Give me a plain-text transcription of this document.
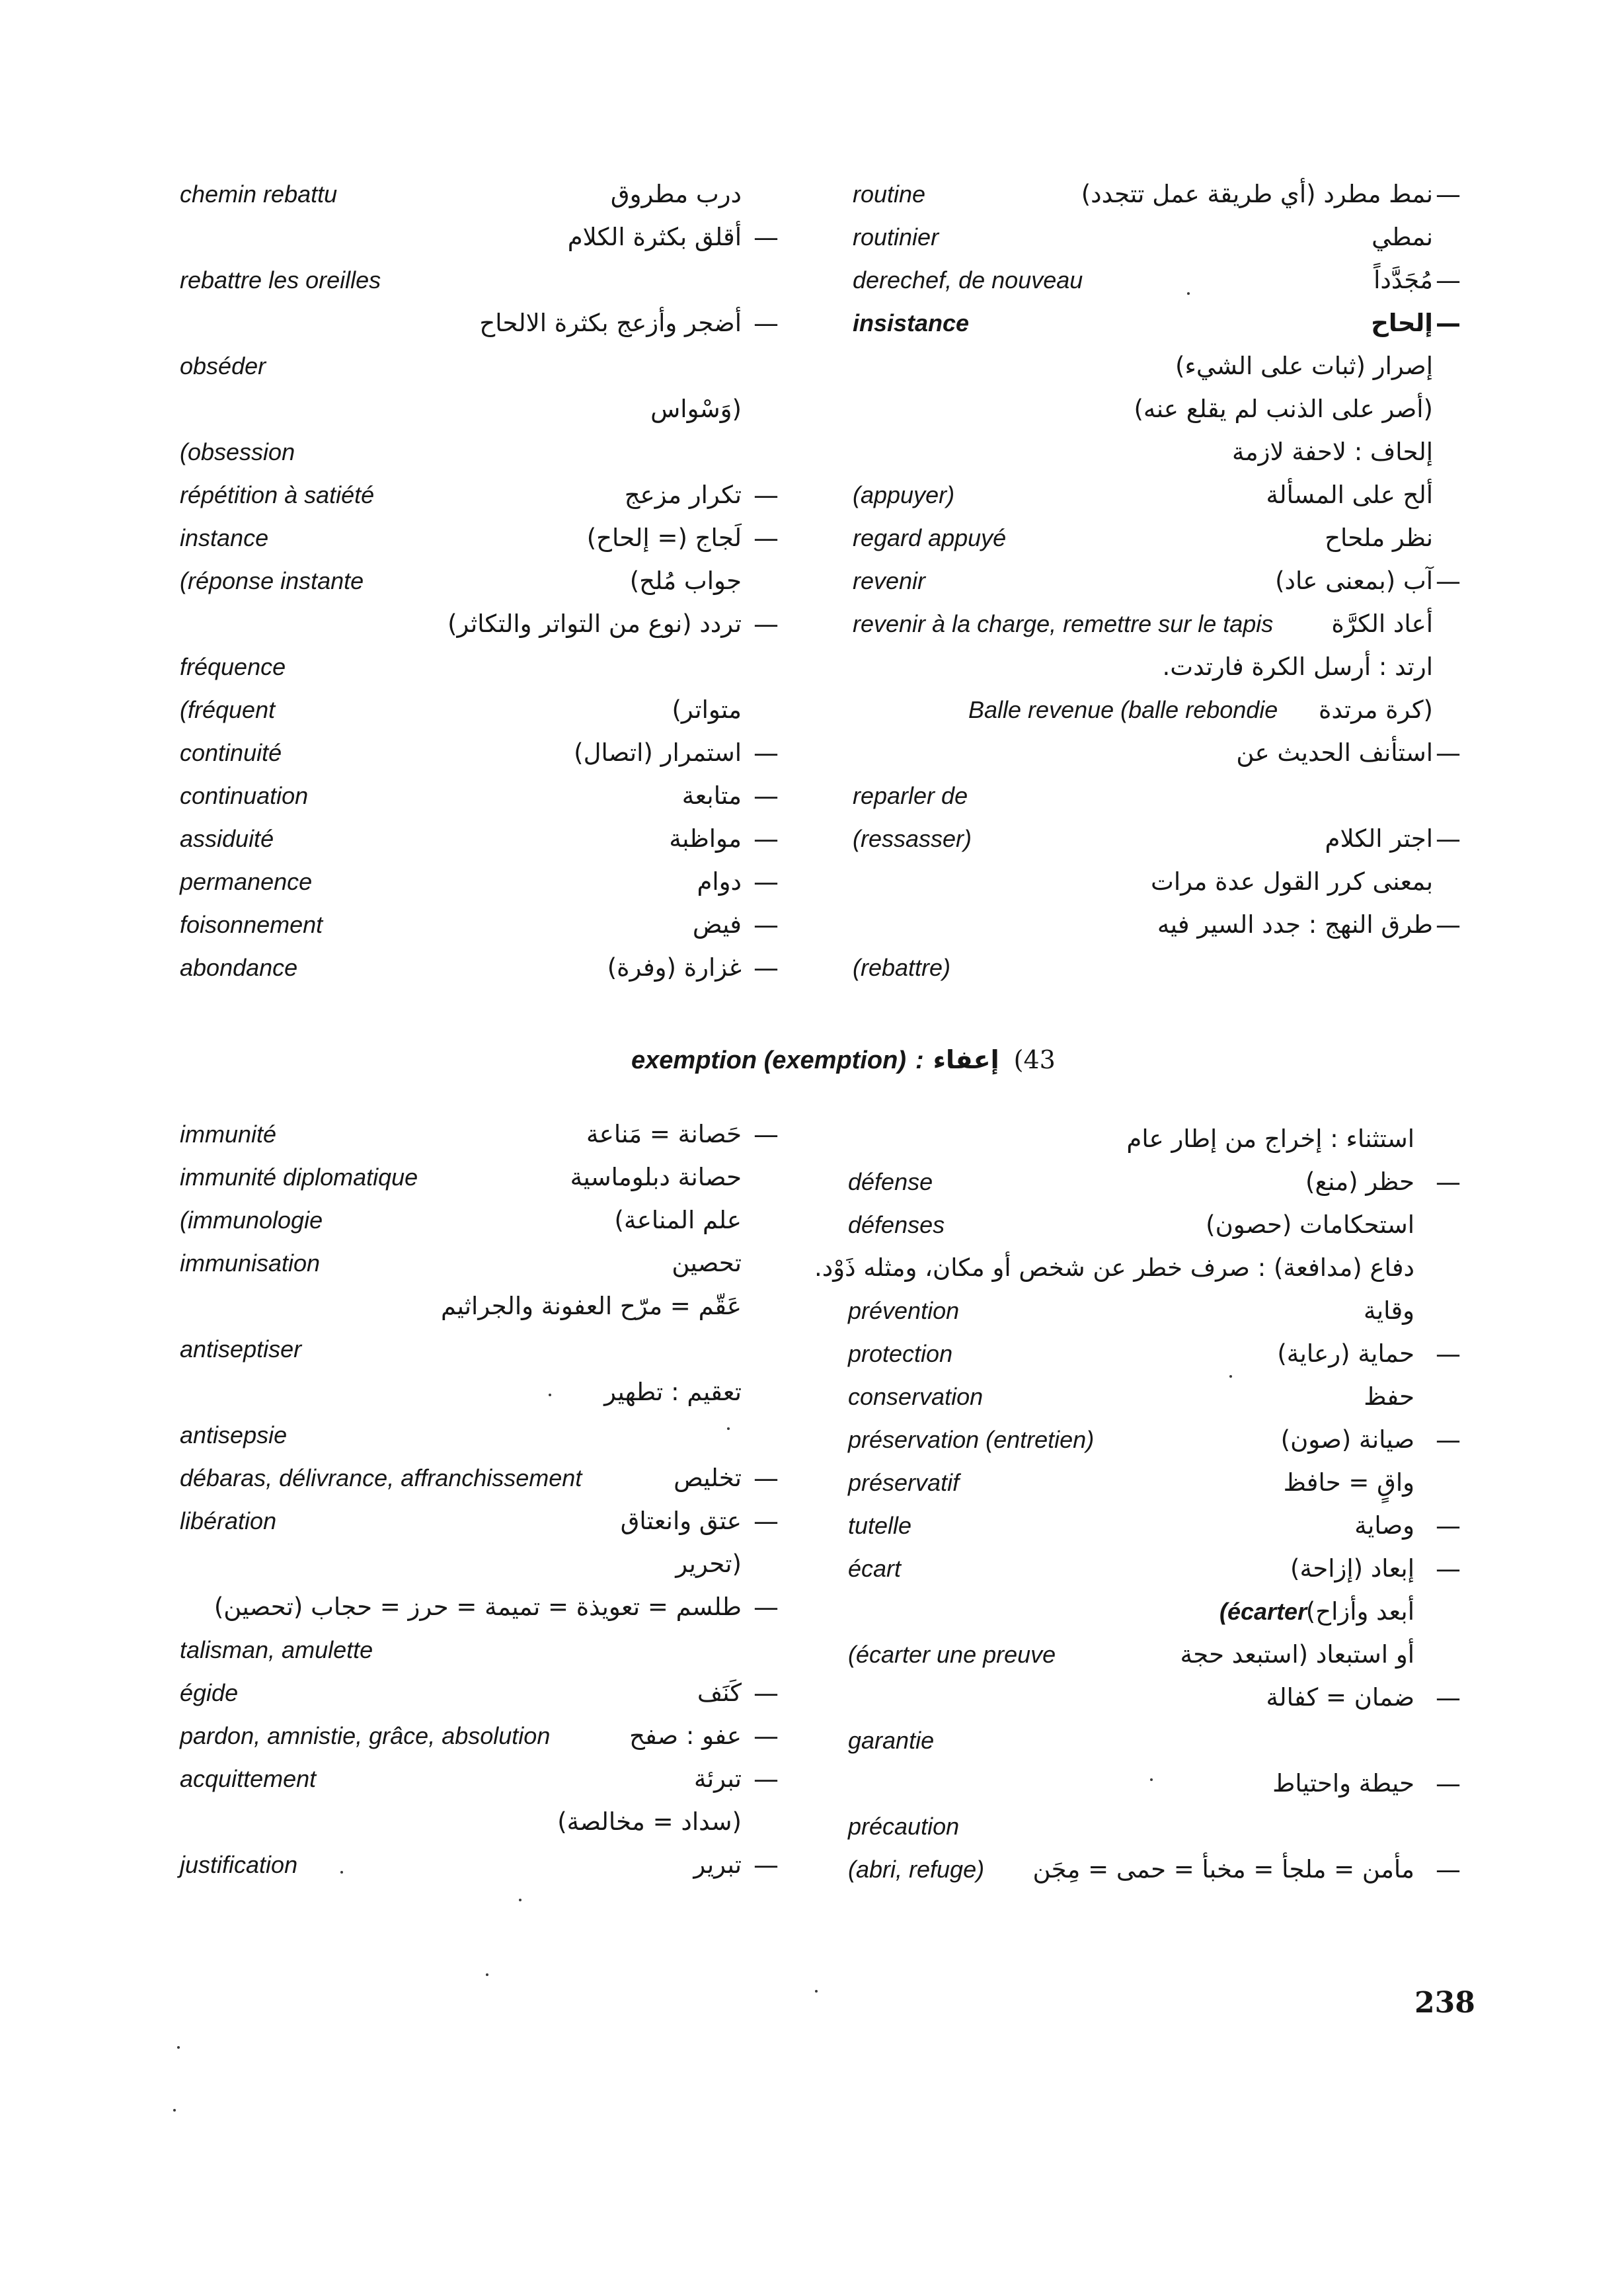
routine	نمط مطرد (أي طريقة عمل تتجدد) —
routinier	نمطي
derechef, de nouveau	مُجَدَّداً —
insistance	إلحاح —
إصرار (ثبات على الشيء)
(أصر على الذنب لم يقلع عنه)
إلحاف : لاحفة لازمة
(appuyer)	ألح على المسألة
regard appuyé	نظر ملحاح
revenir	آب (بمعنى عاد) —
revenir à la charge, remettre sur le tapis أعاد الكرَّة
ارتد : أرسل الكرة فارتدت.
Balle revenue (balle rebondie (كرة مرتدة
استأنف الحديث عن —
reparler de
(ressasser)	اجتر الكلام —
بمعنى كرر القول عدة مرات
طرق النهج : جدد السير فيه —
(rebattre)
chemin rebattu	درب مطروق
أقلق بكثرة الكلام —
rebattre les oreilles
أضجر وأزعج بكثرة الالحاح —
obséder
(وَسْواس
(obsession
répétition à satiété	تكرار مزعج —
instance	لَجاج (= إلحاح) —
(réponse instante	جواب مُلح)
تردد (نوع من التواتر والتكاثر) —
fréquence
(fréquent	متواتر)
continuité	استمرار (اتصال) —
continuation	متابعة —
assiduité	مواظبة —
permanence	دوام —
foisonnement	فيض —
abondance	غزارة (وفرة) —
exemption (exemption) : إعفاء (43
immunité	حَصانة = مَناعة —
immunité diplomatique	حصانة دبلوماسية
(immunologie	علم المناعة)
immunisation	تحصين
عَقّم = مرّح العفونة والجراثيم
antiseptiser
تعقيم : تطهير
antisepsie
débaras, délivrance, affranchissement	تخليص —
libération	عتق وانعتاق —
(تحرير
طلسم = تعويذة = تميمة = حرز = حجاب (تحصين) —
talisman, amulette
égide	كَنَف —
pardon, amnistie, grâce, absolution	عفو : صفح —
acquittement	تبرئة —
(سداد = مخالصة)
justification	تبرير —
استثناء : إخراج من إطار عام
défense	حظر (منع) —
défenses	استحكامات (حصون)
دفاع (مدافعة) : صرف خطر عن شخص أو مكان، ومثله ذَوْد.
prévention	وقاية
protection	حماية (رعاية) —
conservation	حفظ
préservation (entretien)	صيانة (صون) —
préservatif	واقٍ = حافظ
tutelle	وصاية —
écart	إبعاد (إزاحة) —
(écarter
أبعد وأزاح)
(écarter une preuve	أو استبعاد (استبعد حجة
ضمان = كفالة —
garantie
حيطة واحتياط —
précaution
(abri, refuge) مأمن = ملجأ = مخبأ = حمى = مِجَن —
238
